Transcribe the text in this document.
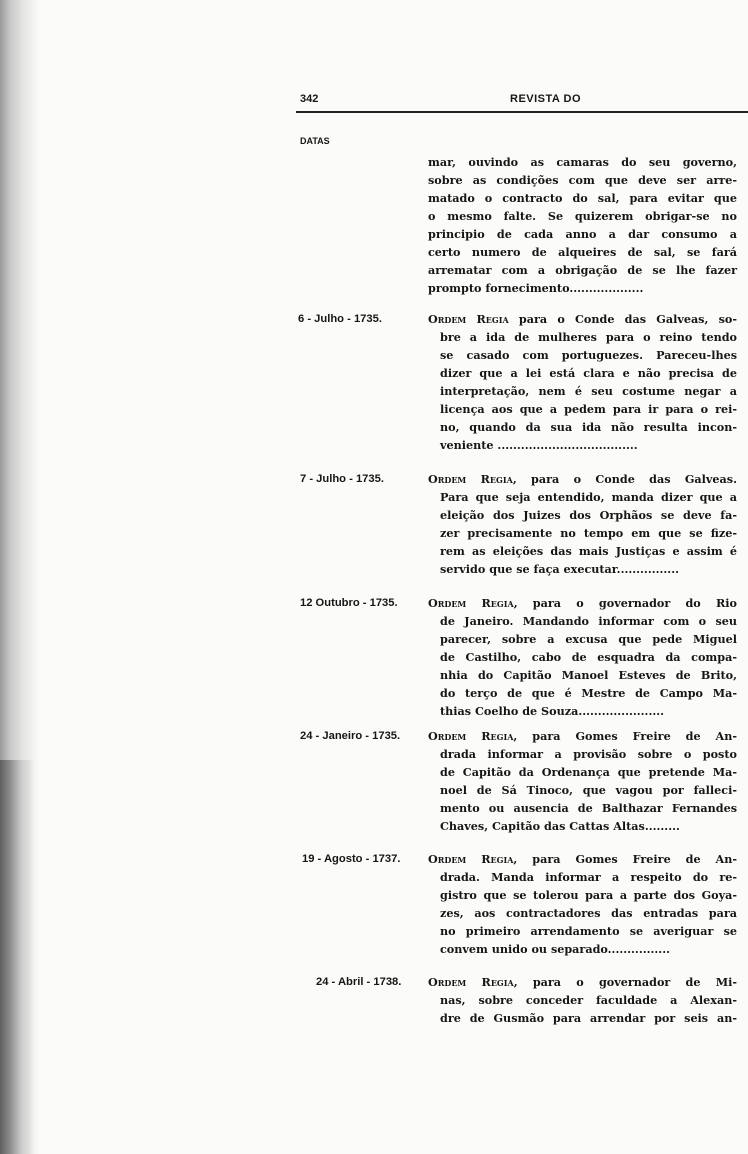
342	REVISTA DO
DATAS
mar, ouvindo as camaras do seu governo,
sobre as condições com que deve ser arre-
matado o contracto do sal, para evitar que
o mesmo falte. Se quizerem obrigar-se no
principio de cada anno a dar consumo a
certo numero de alqueires de sal, se fará
arrematar com a obrigação de se lhe fazer
prompto fornecimento...................
6 - Julho - 1735.	Ordem Regia para o Conde das Galveas, so-
bre a ida de mulheres para o reino tendo
se casado com portuguezes. Pareceu-lhes
dizer que a lei está clara e não precisa de
interpretação, nem é seu costume negar a
licença aos que a pedem para ir para o rei-
no, quando da sua ida não resulta incon-
veniente ....................................
7 - Julho - 1735.	Ordem Regia, para o Conde das Galveas.
Para que seja entendido, manda dizer que a
eleição dos Juizes dos Orphãos se deve fa-
zer precisamente no tempo em que se fize-
rem as eleições das mais Justiças e assim é
servido que se faça executar................
12 Outubro - 1735.	Ordem Regia, para o governador do Rio
de Janeiro. Mandando informar com o seu
parecer, sobre a excusa que pede Miguel
de Castilho, cabo de esquadra da compa-
nhia do Capitão Manoel Esteves de Brito,
do terço de que é Mestre de Campo Ma-
thias Coelho de Souza......................
24 - Janeiro - 1735. Ordem Regia, para Gomes Freire de An-
drada informar a provisão sobre o posto
de Capitão da Ordenança que pretende Ma-
noel de Sá Tinoco, que vagou por falleci-
mento ou ausencia de Balthazar Fernandes
Chaves, Capitão das Cattas Altas.........
19 - Agosto - 1737. Ordem Regia, para Gomes Freire de An-
drada. Manda informar a respeito do re-
gistro que se tolerou para a parte dos Goya-
zes, aos contractadores das entradas para
no primeiro arrendamento se averiguar se
convem unido ou separado................
24 - Abril - 1738. Ordem Regia, para o governador de Mi-
nas, sobre conceder faculdade a Alexan-
dre de Gusmão para arrendar por seis an-
